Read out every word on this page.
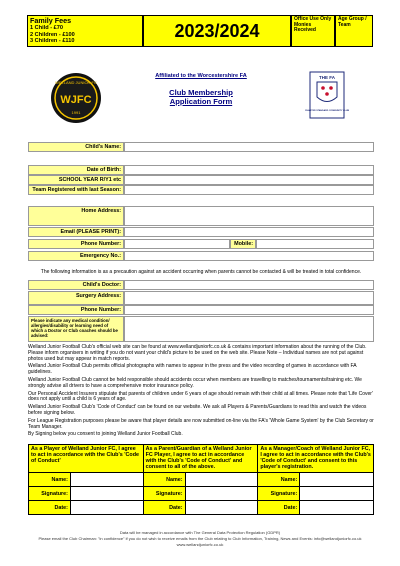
Family Fees
1 Child - £70
2 Children - £100
3 Children - £110
2023/2024
Office Use Only Monies Received
Age Group / Team
WELLAND JUNIOR FC
WJFC
1991
THE FA
CHARTER STANDARD COMMUNITY CLUB
Affiliated to the Worcestershire FA
Club Membership
Application Form
Child's Name:
Date of Birth:
SCHOOL YEAR R/Y1 etc
Team Registered with last Season:
Home Address:
Email (PLEASE PRINT):
Phone Number:	Mobile:
Emergency No.:
The following information is as a precaution against an accident occurring when parents cannot be contacted & will be treated in total confidence.
Child's Doctor:
Surgery Address:
Phone Number:
Please indicate any medical condition/ allergies/disability or learning need of which a Doctor or Club coaches should be advised:

Welland Junior Football Club's official web site can be found at www.wellandjuniorfc.co.uk & contains important information about the running of the Club. Please inform organisers in writing if you do not want your child's picture to be used on the web site. Please Note – Individual names are not put against photos used but may appear in match reports.

Welland Junior Football Club permits official photographs with names to appear in the press and the video recording of games in accordance with FA guidelines.

Welland Junior Football Club cannot be held responsible should accidents occur when members are travelling to matches/tournaments/training etc. We strongly advise all drivers to have a comprehensive motor insurance policy.

Our Personal Accident Insurers stipulate that parents of children under 6 years of age should remain with their child at all times. Please note that 'Life Cover' does not apply until a child is 6 years of age.

Welland Junior Football Club's 'Code of Conduct' can be found on our website. We ask all Players & Parents/Guardians to read this and watch the videos before signing below.

For League Registration purposes please be aware that player details are now submitted on-line via the FA's 'Whole Game System' by the Club Secretary or Team Manager.

By Signing below you consent to joining Welland Junior Football Club.

As a Player of Welland Junior FC, I agree to act in accordance with the Club's 'Code of Conduct'		As a Parent/Guardian of a Welland Junior FC Player, I agree to act in accordance with the Club's 'Code of Conduct' and consent to all of the above.		As a Manager/Coach of Welland Junior FC, I agree to act in accordance with the Club's 'Code of Conduct' and consent to this player's registration.	
Name:		Name:		Name:	
Signature:		Signature:		Signature:	
Date:		Date:		Date:	
Data will be managed in accordance with The General Data Protection Regulation (GDPR)
Please email the Club Chairman: "in confidence" if you do not wish to receive emails from the Club relating to Club Information, Training, News and Events: info@wellandjuniorfc.co.uk
www.wellandjuniorfc.co.uk
